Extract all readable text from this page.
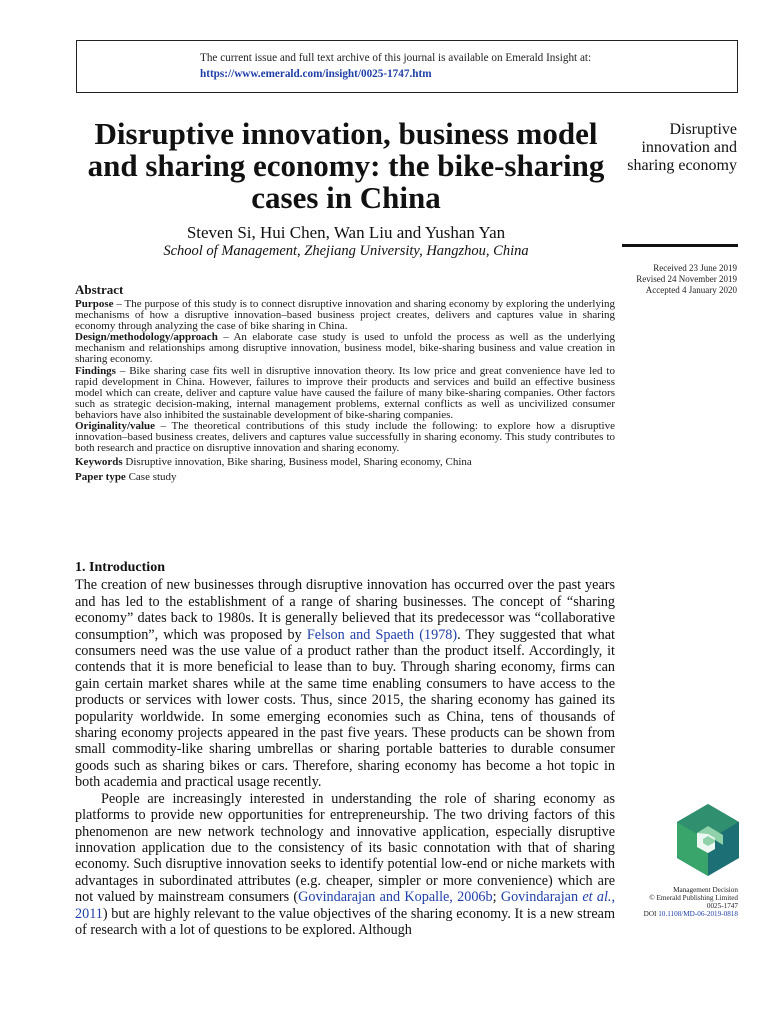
The current issue and full text archive of this journal is available on Emerald Insight at:
https://www.emerald.com/insight/0025-1747.htm
Disruptive innovation, business model and sharing economy: the bike-sharing cases in China
Steven Si, Hui Chen, Wan Liu and Yushan Yan
School of Management, Zhejiang University, Hangzhou, China
Disruptive innovation and sharing economy
Received 23 June 2019
Revised 24 November 2019
Accepted 4 January 2020
Abstract

Purpose – The purpose of this study is to connect disruptive innovation and sharing economy by exploring the underlying mechanisms of how a disruptive innovation–based business project creates, delivers and captures value in sharing economy through analyzing the case of bike sharing in China.

Design/methodology/approach – An elaborate case study is used to unfold the process as well as the underlying mechanism and relationships among disruptive innovation, business model, bike-sharing business and value creation in sharing economy.

Findings – Bike sharing case fits well in disruptive innovation theory. Its low price and great convenience have led to rapid development in China. However, failures to improve their products and services and build an effective business model which can create, deliver and capture value have caused the failure of many bike-sharing companies. Other factors such as strategic decision-making, internal management problems, external conflicts as well as uncivilized consumer behaviors have also inhibited the sustainable development of bike-sharing companies.

Originality/value – The theoretical contributions of this study include the following: to explore how a disruptive innovation–based business creates, delivers and captures value successfully in sharing economy. This study contributes to both research and practice on disruptive innovation and sharing economy.

Keywords Disruptive innovation, Bike sharing, Business model, Sharing economy, China

Paper type Case study

1. Introduction

The creation of new businesses through disruptive innovation has occurred over the past years and has led to the establishment of a range of sharing businesses. The concept of “sharing economy” dates back to 1980s. It is generally believed that its predecessor was “collaborative consumption”, which was proposed by Felson and Spaeth (1978). They suggested that what consumers need was the use value of a product rather than the product itself. Accordingly, it contends that it is more beneficial to lease than to buy. Through sharing economy, firms can gain certain market shares while at the same time enabling consumers to have access to the products or services with lower costs. Thus, since 2015, the sharing economy has gained its popularity worldwide. In some emerging economies such as China, tens of thousands of sharing economy projects appeared in the past five years. These products can be shown from small commodity-like sharing umbrellas or sharing portable batteries to durable consumer goods such as sharing bikes or cars. Therefore, sharing economy has become a hot topic in both academia and practical usage recently.

People are increasingly interested in understanding the role of sharing economy as platforms to provide new opportunities for entrepreneurship. The two driving factors of this phenomenon are new network technology and innovative application, especially disruptive innovation application due to the consistency of its basic connotation with that of sharing economy. Such disruptive innovation seeks to identify potential low-end or niche markets with advantages in subordinated attributes (e.g. cheaper, simpler or more convenience) which are not valued by mainstream consumers (Govindarajan and Kopalle, 2006b; Govindarajan et al., 2011) but are highly relevant to the value objectives of the sharing economy. It is a new stream of research with a lot of questions to be explored. Although

Management Decision
© Emerald Publishing Limited
0025-1747
DOI 10.1108/MD-06-2019-0818
